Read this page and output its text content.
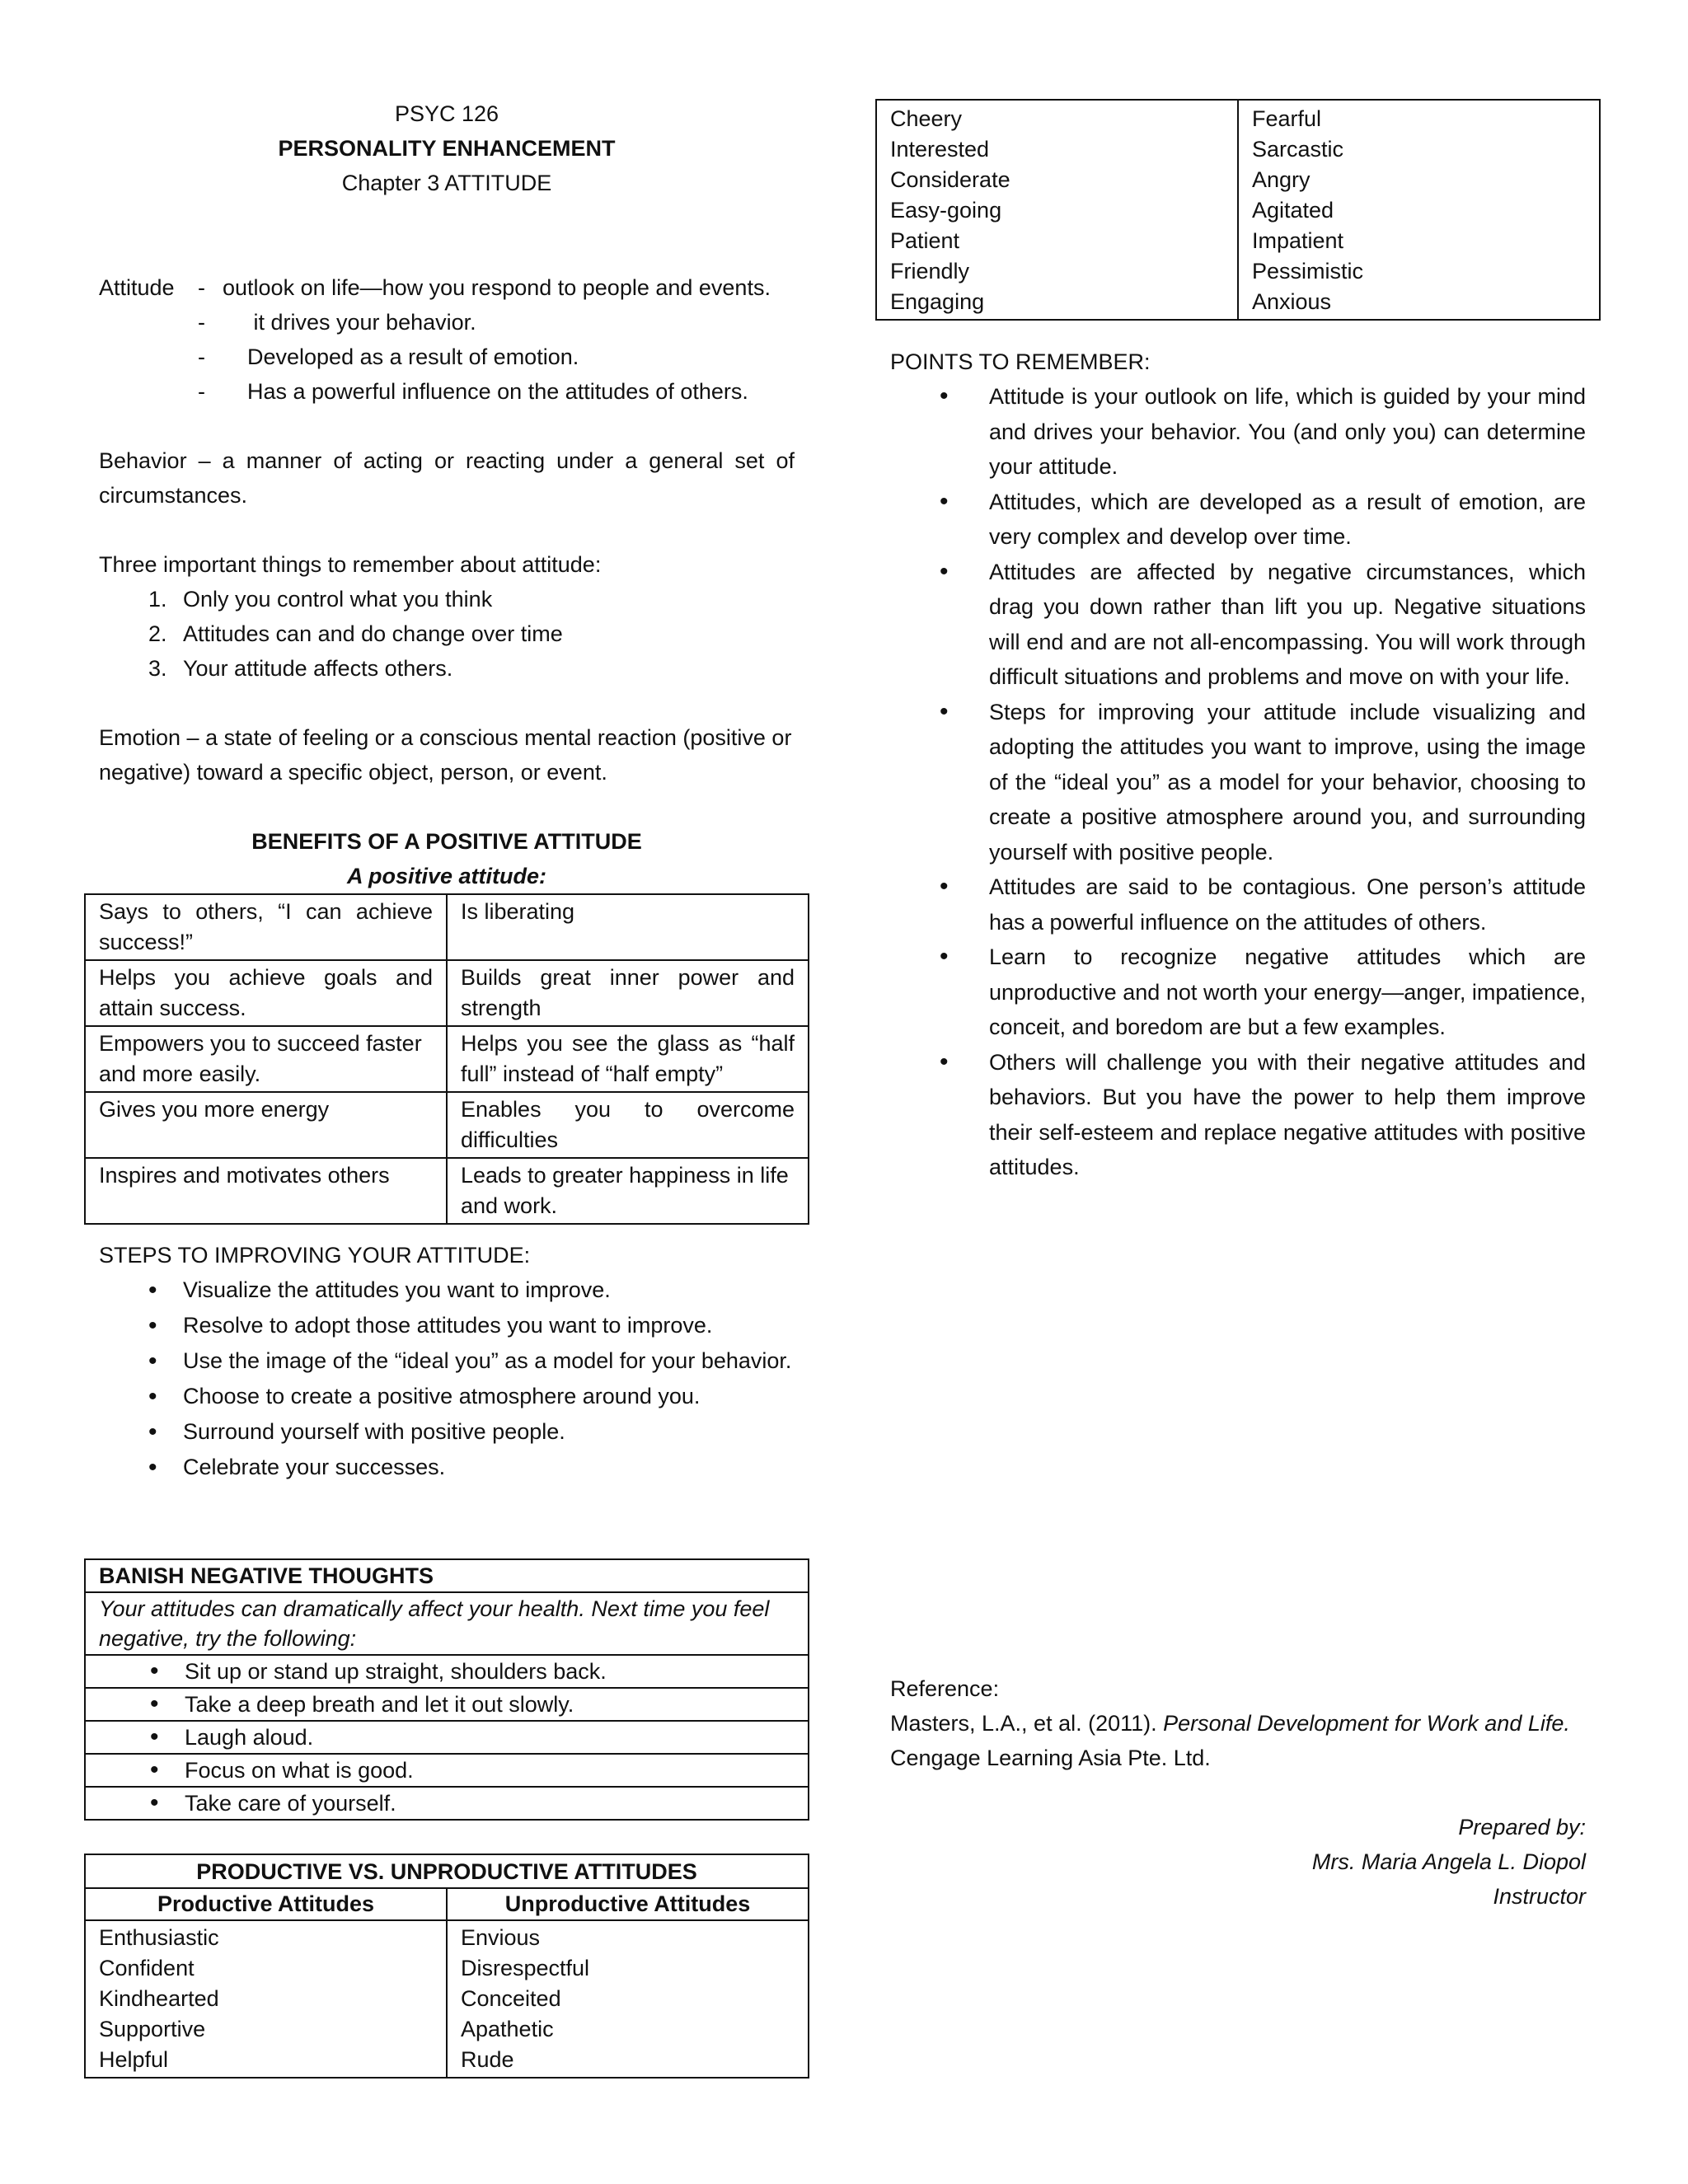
PSYC 126

PERSONALITY ENHANCEMENT

Chapter 3 ATTITUDE

Attitude	- outlook on life—how you respond to people and events.
-	it drives your behavior.
-	Developed as a result of emotion.
-	Has a powerful influence on the attitudes of others.

Behavior – a manner of acting or reacting under a general set of circumstances.

Three important things to remember about attitude:

1. Only you control what you think
2. Attitudes can and do change over time
3. Your attitude affects others.

Emotion – a state of feeling or a conscious mental reaction (positive or negative) toward a specific object, person, or event.

BENEFITS OF A POSITIVE ATTITUDE

A positive attitude:

Says to others, “I can achieve success!”	Is liberating
Helps you achieve goals and attain success.	Builds great inner power and strength
Empowers you to succeed faster and more easily.	Helps you see the glass as “half full” instead of “half empty”
Gives you more energy	Enables you to overcome difficulties
Inspires and motivates others	Leads to greater happiness in life and work.

STEPS TO IMPROVING YOUR ATTITUDE:

• Visualize the attitudes you want to improve.
• Resolve to adopt those attitudes you want to improve.
• Use the image of the “ideal you” as a model for your behavior.
• Choose to create a positive atmosphere around you.
• Surround yourself with positive people.
• Celebrate your successes.
BANISH NEGATIVE THOUGHTS
Your attitudes can dramatically affect your health. Next time you feel negative, try the following:
• Sit up or stand up straight, shoulders back.
• Take a deep breath and let it out slowly.
• Laugh aloud.
• Focus on what is good.
• Take care of yourself.
PRODUCTIVE VS. UNPRODUCTIVE ATTITUDES	
Productive Attitudes	Unproductive Attitudes
Enthusiastic	Envious
Confident	Disrespectful
Kindhearted	Conceited
Supportive	Apathetic
Helpful	Rude
Cheery	Fearful
Interested	Sarcastic
Considerate	Angry
Easy-going	Agitated
Patient	Impatient
Friendly	Pessimistic
Engaging	Anxious

POINTS TO REMEMBER:

• Attitude is your outlook on life, which is guided by your mind and drives your behavior. You (and only you) can determine your attitude.
• Attitudes, which are developed as a result of emotion, are very complex and develop over time.
• Attitudes are affected by negative circumstances, which drag you down rather than lift you up. Negative situations will end and are not all-encompassing. You will work through difficult situations and problems and move on with your life.
• Steps for improving your attitude include visualizing and adopting the attitudes you want to improve, using the image of the “ideal you” as a model for your behavior, choosing to create a positive atmosphere around you, and surrounding yourself with positive people.
• Attitudes are said to be contagious. One person’s attitude has a powerful influence on the attitudes of others.
• Learn to recognize negative attitudes which are unproductive and not worth your energy—anger, impatience, conceit, and boredom are but a few examples.
• Others will challenge you with their negative attitudes and behaviors. But you have the power to help them improve their self-esteem and replace negative attitudes with positive attitudes.

Reference:

Masters, L.A., et al. (2011). Personal Development for Work and Life.

Cengage Learning Asia Pte. Ltd.

Prepared by:

Mrs. Maria Angela L. Diopol

Instructor
